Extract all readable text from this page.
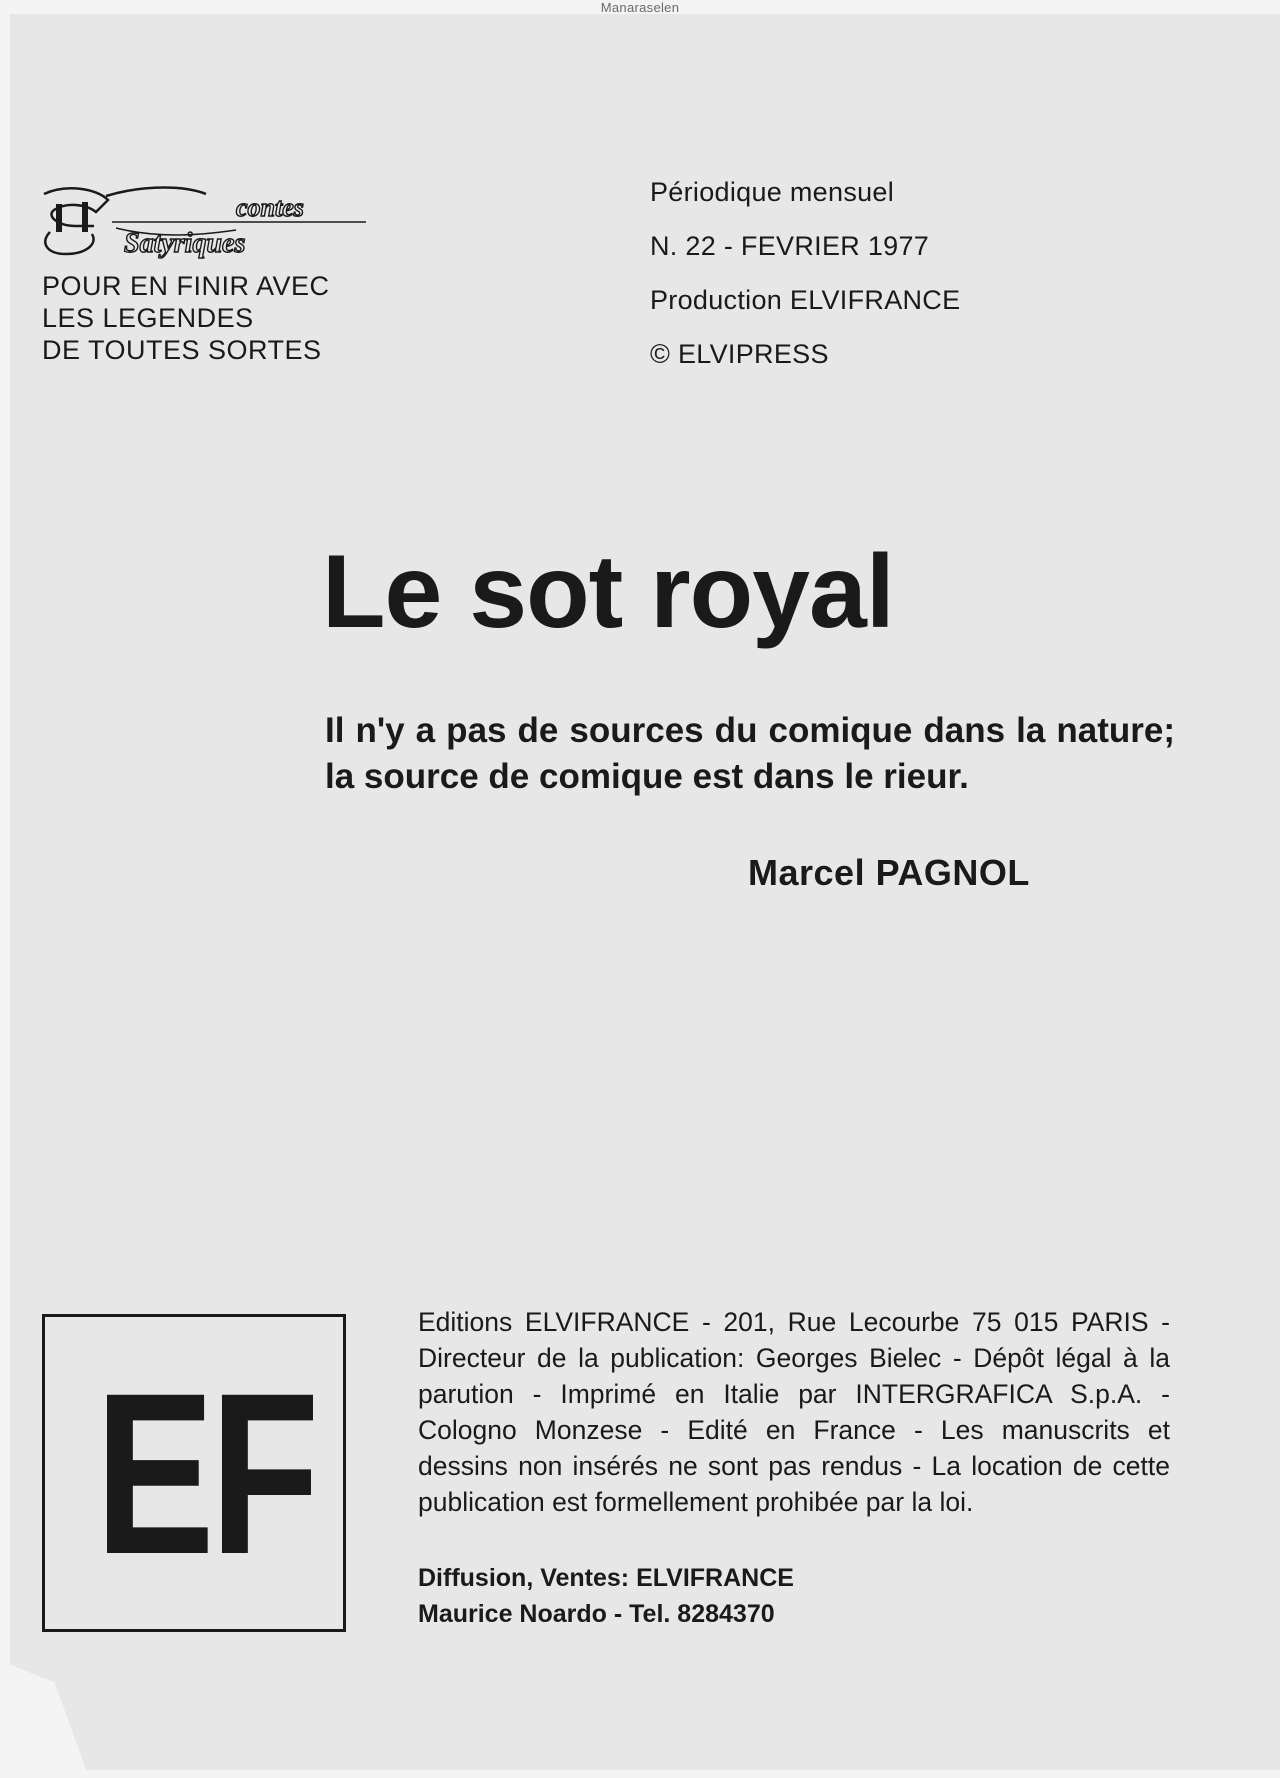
Manaraselen
contes
Satyriques
POUR EN FINIR AVEC
LES LEGENDES
DE TOUTES SORTES
Périodique mensuel
N. 22 - FEVRIER 1977
Production ELVIFRANCE
© ELVIPRESS
Le sot royal

Il n'y a pas de sources du comique dans la nature; la source de comique est dans le rieur.

Marcel PAGNOL
EF

Editions ELVIFRANCE - 201, Rue Lecourbe 75 015 PARIS - Directeur de la publication: Georges Bielec - Dépôt légal à la parution - Imprimé en Italie par INTERGRAFICA S.p.A. - Cologno Monzese - Edité en France - Les manuscrits et dessins non insérés ne sont pas rendus - La location de cette publication est formellement prohibée par la loi.

Diffusion, Ventes: ELVIFRANCE
Maurice Noardo - Tel. 8284370
